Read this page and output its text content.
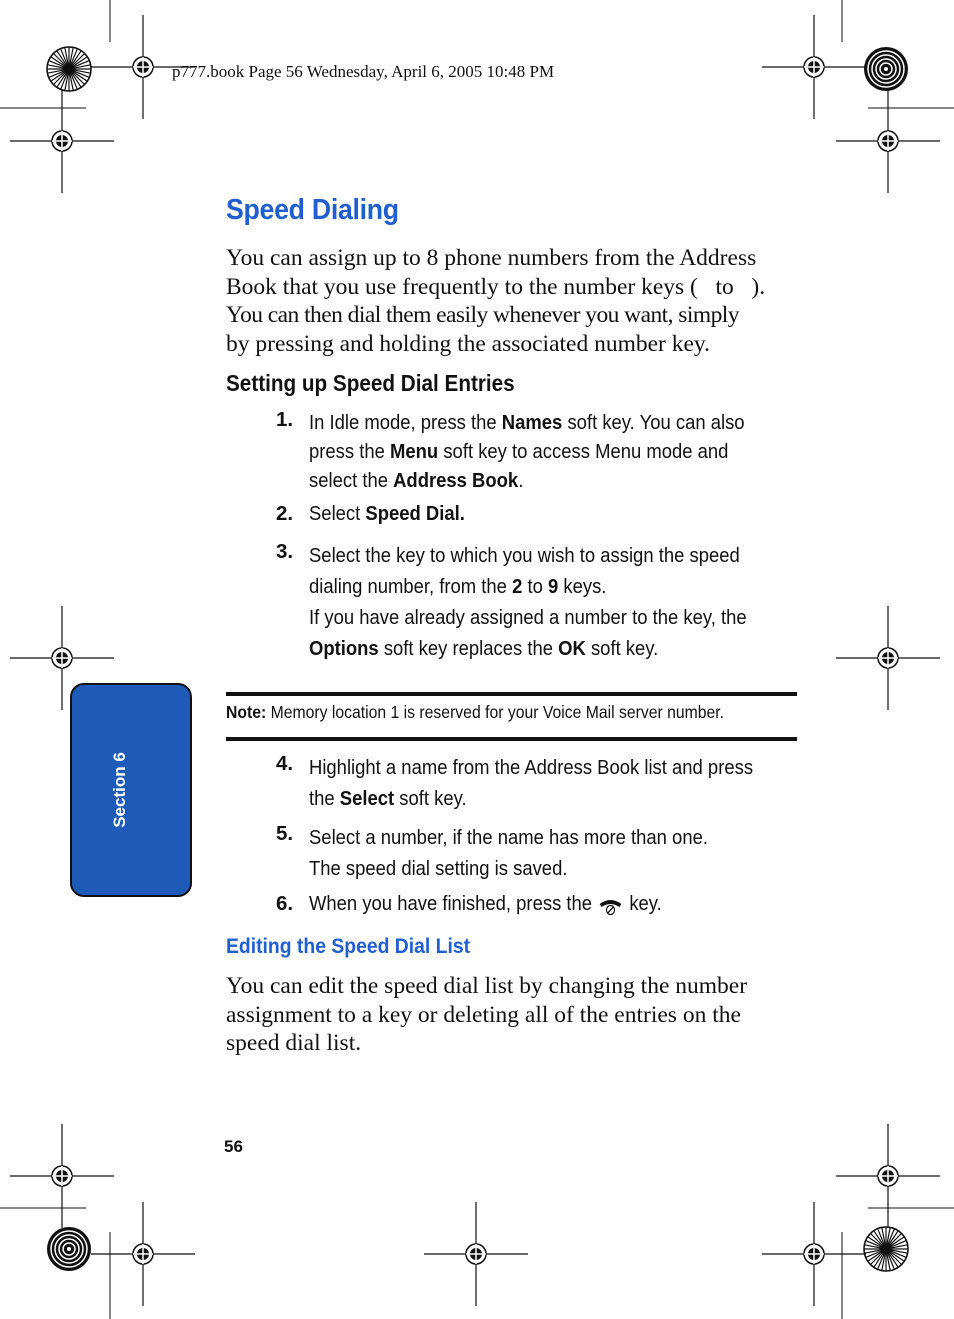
p777.book Page 56 Wednesday, April 6, 2005 10:48 PM
Section 6
Speed Dialing
You can assign up to 8 phone numbers from the Address
Book that you use frequently to the number keys (   to   ).
You can then dial them easily whenever you want, simply
by pressing and holding the associated number key.
Setting up Speed Dial Entries
1. In Idle mode, press the Names soft key. You can also
press the Menu soft key to access Menu mode and
select the Address Book.
2. Select Speed Dial.
3. Select the key to which you wish to assign the speed
dialing number, from the 2 to 9 keys.
If you have already assigned a number to the key, the
Options soft key replaces the OK soft key.
Note: Memory location 1 is reserved for your Voice Mail server number.
4. Highlight a name from the Address Book list and press
the Select soft key.
5. Select a number, if the name has more than one.
The speed dial setting is saved.
6. When you have finished, press the  key.
Editing the Speed Dial List
You can edit the speed dial list by changing the number
assignment to a key or deleting all of the entries on the
speed dial list.
56
